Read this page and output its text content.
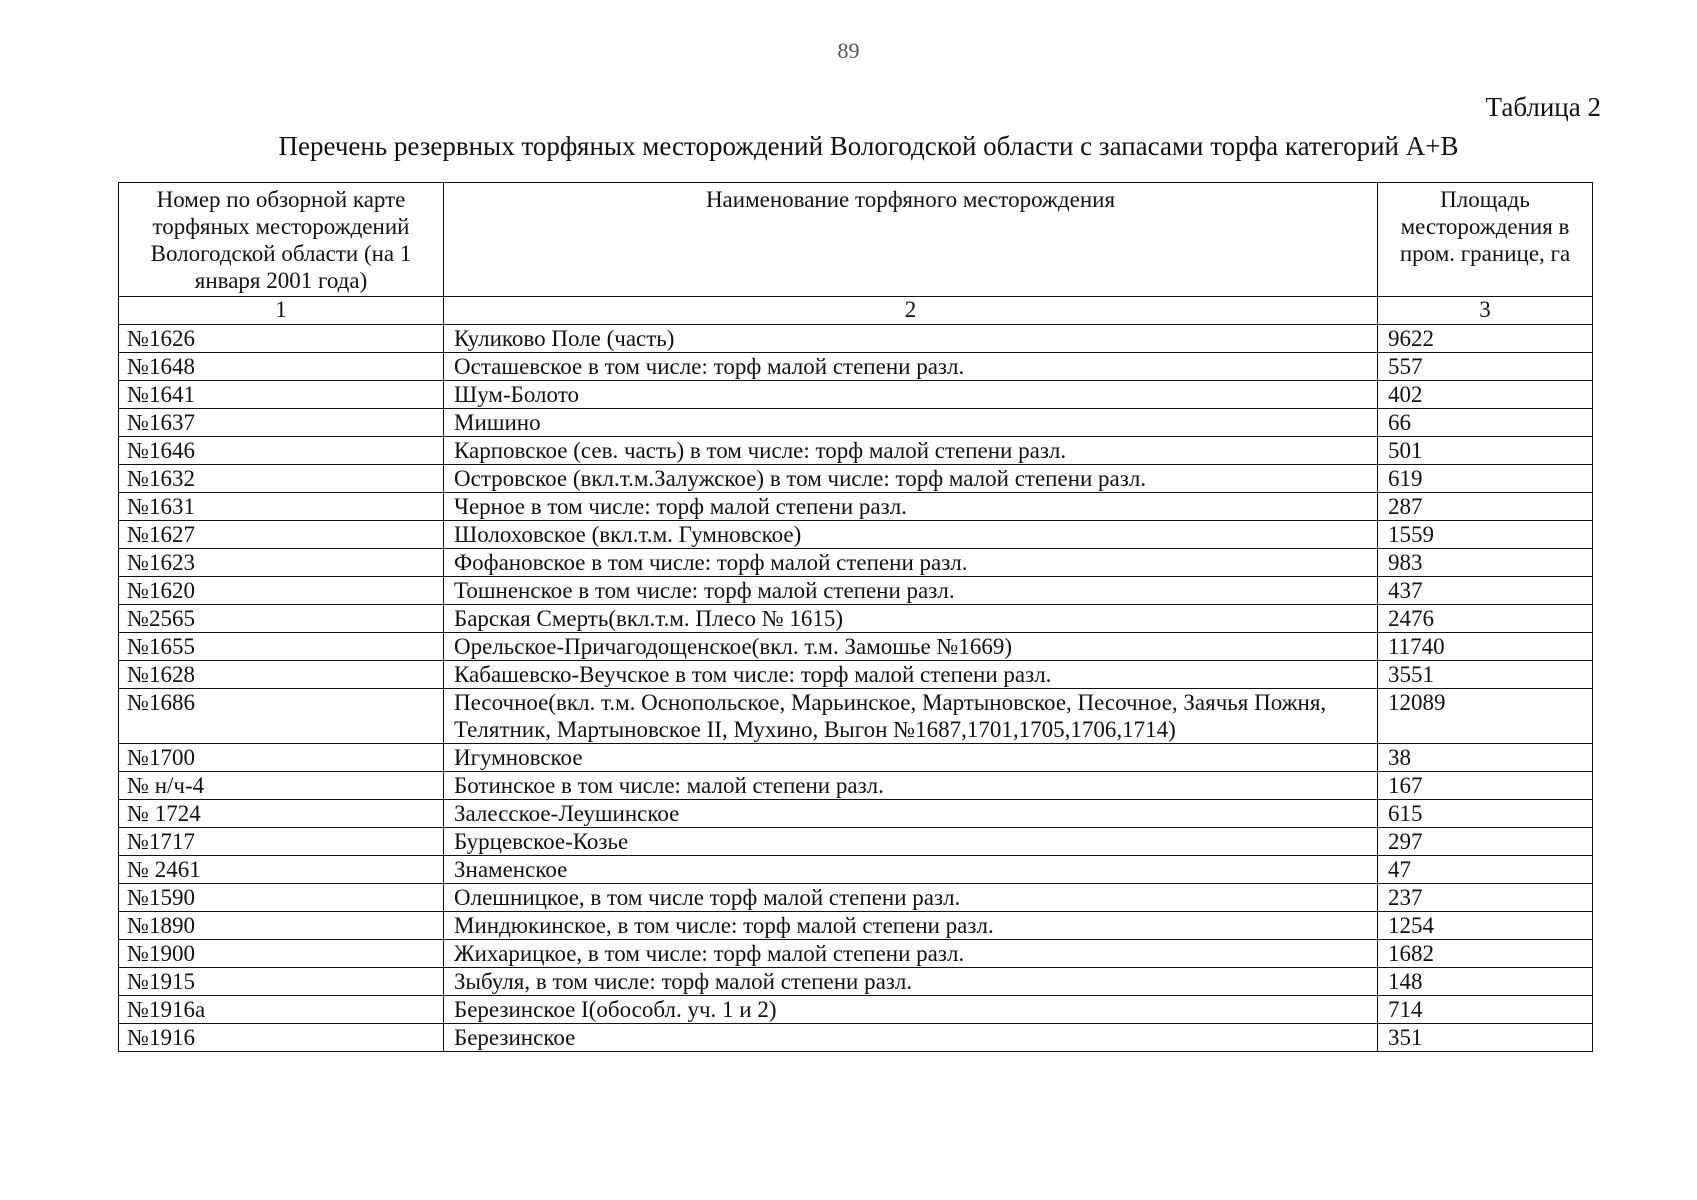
89
Таблица 2
Перечень резервных торфяных месторождений Вологодской области с запасами торфа категорий А+В
Номер по обзорной карте торфяных месторождений Вологодской области (на 1 января 2001 года)	Наименование торфяного месторождения	Площадь месторождения в пром. границе, га
1	2	3
№1626	Куликово Поле (часть)	9622
№1648	Осташевское в том числе: торф малой степени разл.	557
№1641	Шум-Болото	402
№1637	Мишино	66
№1646	Карповское (сев. часть) в том числе: торф малой степени разл.	501
№1632	Островское (вкл.т.м.Залужское) в том числе: торф малой степени разл.	619
№1631	Черное в том числе: торф малой степени разл.	287
№1627	Шолоховское (вкл.т.м. Гумновское)	1559
№1623	Фофановское в том числе: торф малой степени разл.	983
№1620	Тошненское в том числе: торф малой степени разл.	437
№2565	Барская Смерть(вкл.т.м. Плесо № 1615)	2476
№1655	Орельское-Причагодощенское(вкл. т.м. Замошье №1669)	11740
№1628	Кабашевско-Веучское в том числе: торф малой степени разл.	3551
№1686	Песочное(вкл. т.м. Оснопольское, Марьинское, Мартыновское, Песочное, Заячья Пожня, Телятник, Мартыновское II, Мухино, Выгон №1687,1701,1705,1706,1714)	12089
№1700	Игумновское	38
№ н/ч-4	Ботинское в том числе: малой степени разл.	167
№ 1724	Залесское-Леушинское	615
№1717	Бурцевское-Козье	297
№ 2461	Знаменское	47
№1590	Олешницкое, в том числе торф малой степени разл.	237
№1890	Миндюкинское, в том числе: торф малой степени разл.	1254
№1900	Жихарицкое, в том числе: торф малой степени разл.	1682
№1915	Зыбуля, в том числе: торф малой степени разл.	148
№1916а	Березинское I(обособл. уч. 1 и 2)	714
№1916	Березинское	351
